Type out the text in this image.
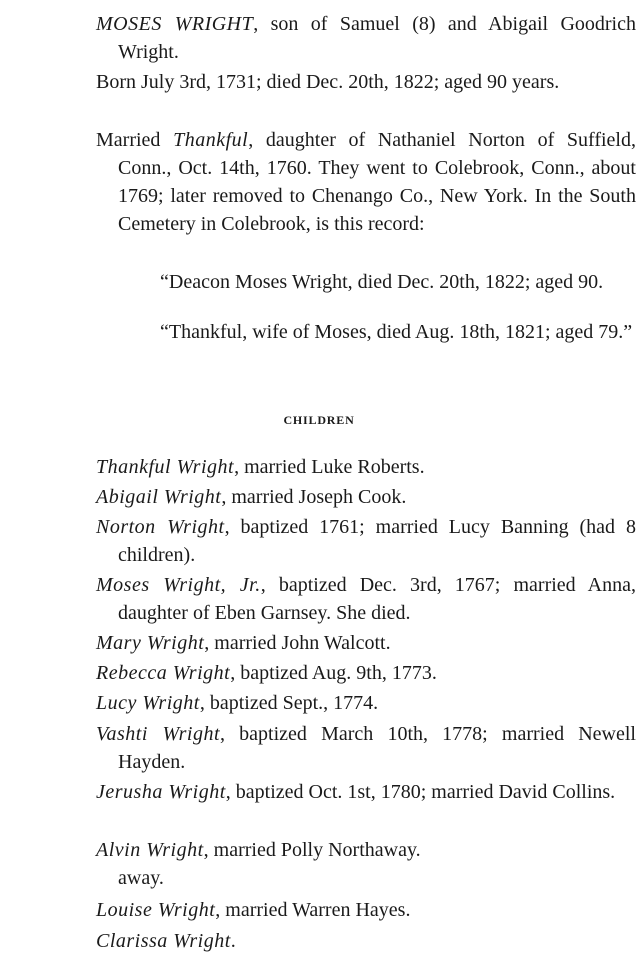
MOSES WRIGHT, son of Samuel (8) and Abigail Goodrich Wright.
Born July 3rd, 1731; died Dec. 20th, 1822; aged 90 years.
Married Thankful, daughter of Nathaniel Norton of Suffield, Conn., Oct. 14th, 1760. They went to Colebrook, Conn., about 1769; later removed to Chenango Co., New York. In the South Cemetery in Colebrook, is this record:
“Deacon Moses Wright, died Dec. 20th, 1822; aged 90.
“Thankful, wife of Moses, died Aug. 18th, 1821; aged 79.”
CHILDREN
Thankful Wright, married Luke Roberts.
Abigail Wright, married Joseph Cook.
Norton Wright, baptized 1761; married Lucy Banning (had 8 children).
Moses Wright, Jr., baptized Dec. 3rd, 1767; married Anna, daughter of Eben Garnsey. She died.
Mary Wright, married John Walcott.
Rebecca Wright, baptized Aug. 9th, 1773.
Lucy Wright, baptized Sept., 1774.
Vashti Wright, baptized March 10th, 1778; married Newell Hayden.
Jerusha Wright, baptized Oct. 1st, 1780; married David Collins.
Alvin Wright, married Polly Northaway.
away.
Louise Wright, married Warren Hayes.
Clarissa Wright.
